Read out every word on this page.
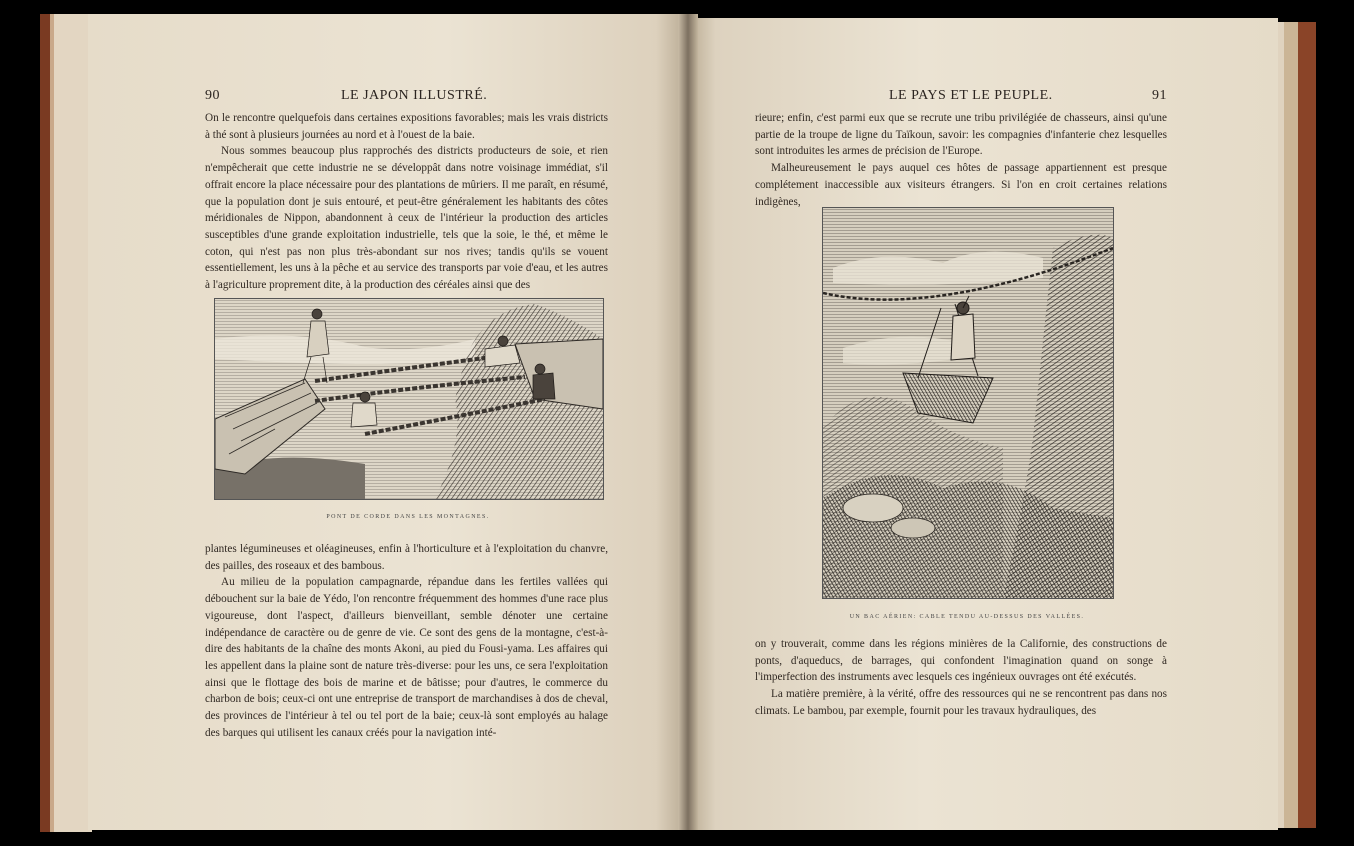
90	LE JAPON ILLUSTRÉ.

On le rencontre quelquefois dans certaines expositions favorables; mais les vrais districts à thé sont à plusieurs journées au nord et à l'ouest de la baie.

Nous sommes beaucoup plus rapprochés des districts producteurs de soie, et rien n'empêcherait que cette industrie ne se développât dans notre voisinage immédiat, s'il offrait encore la place nécessaire pour des plantations de mûriers. Il me paraît, en résumé, que la population dont je suis entouré, et peut-être généralement les habitants des côtes méridionales de Nippon, abandonnent à ceux de l'intérieur la production des articles susceptibles d'une grande exploitation industrielle, tels que la soie, le thé, et même le coton, qui n'est pas non plus très-abondant sur nos rives; tandis qu'ils se vouent essentiellement, les uns à la pêche et au service des transports par voie d'eau, et les autres à l'agriculture proprement dite, à la production des céréales ainsi que des

PONT DE CORDE DANS LES MONTAGNES.

plantes légumineuses et oléagineuses, enfin à l'horticulture et à l'exploitation du chanvre, des pailles, des roseaux et des bambous.

Au milieu de la population campagnarde, répandue dans les fertiles vallées qui débouchent sur la baie de Yédo, l'on rencontre fréquemment des hommes d'une race plus vigoureuse, dont l'aspect, d'ailleurs bienveillant, semble dénoter une certaine indépendance de caractère ou de genre de vie. Ce sont des gens de la montagne, c'est-à-dire des habitants de la chaîne des monts Akoni, au pied du Fousi-yama. Les affaires qui les appellent dans la plaine sont de nature très-diverse: pour les uns, ce sera l'exploitation ainsi que le flottage des bois de marine et de bâtisse; pour d'autres, le commerce du charbon de bois; ceux-ci ont une entreprise de transport de marchandises à dos de cheval, des provinces de l'intérieur à tel ou tel port de la baie; ceux-là sont employés au halage des barques qui utilisent les canaux créés pour la navigation inté-

LE PAYS ET LE PEUPLE.	91

rieure; enfin, c'est parmi eux que se recrute une tribu privilégiée de chasseurs, ainsi qu'une partie de la troupe de ligne du Taïkoun, savoir: les compagnies d'infanterie chez lesquelles sont introduites les armes de précision de l'Europe.

Malheureusement le pays auquel ces hôtes de passage appartiennent est presque complétement inaccessible aux visiteurs étrangers. Si l'on en croit certaines relations indigènes,

UN BAC AÉRIEN: CABLE TENDU AU-DESSUS DES VALLÉES.

on y trouverait, comme dans les régions minières de la Californie, des constructions de ponts, d'aqueducs, de barrages, qui confondent l'imagination quand on songe à l'imperfection des instruments avec lesquels ces ingénieux ouvrages ont été exécutés.

La matière première, à la vérité, offre des ressources qui ne se rencontrent pas dans nos climats. Le bambou, par exemple, fournit pour les travaux hydrauliques, des
